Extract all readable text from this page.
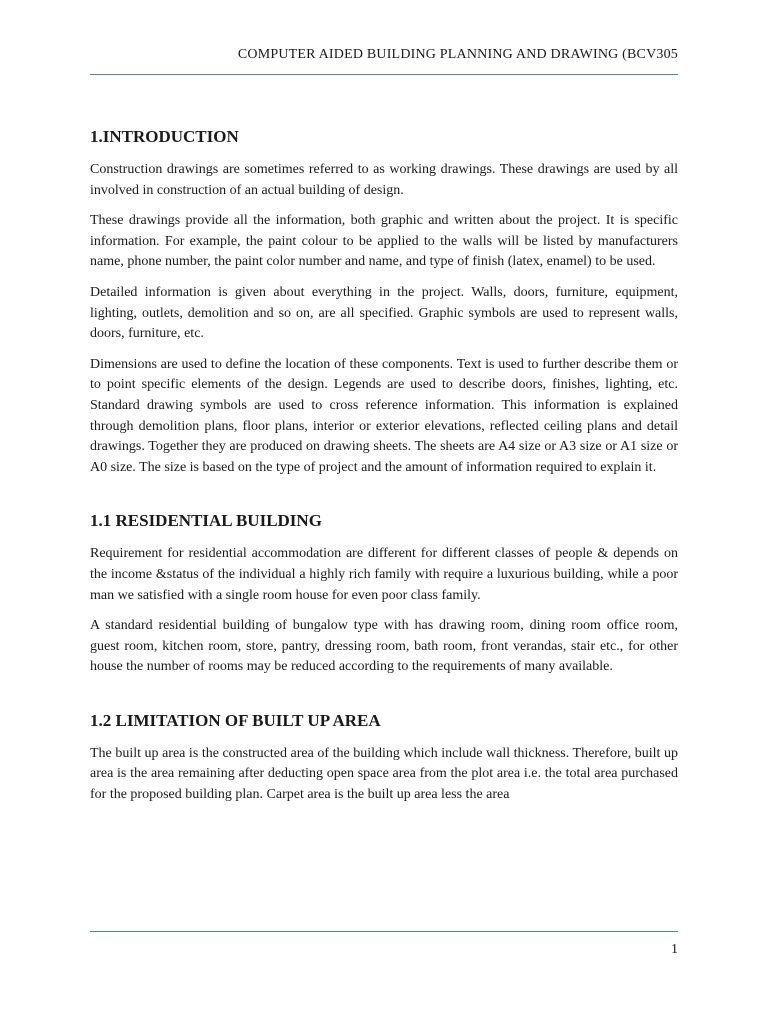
COMPUTER AIDED BUILDING PLANNING AND DRAWING (BCV305
1.INTRODUCTION

Construction drawings are sometimes referred to as working drawings. These drawings are used by all involved in construction of an actual building of design.

These drawings provide all the information, both graphic and written about the project. It is specific information. For example, the paint colour to be applied to the walls will be listed by manufacturers name, phone number, the paint color number and name, and type of finish (latex, enamel) to be used.

Detailed information is given about everything in the project. Walls, doors, furniture, equipment, lighting, outlets, demolition and so on, are all specified. Graphic symbols are used to represent walls, doors, furniture, etc.

Dimensions are used to define the location of these components. Text is used to further describe them or to point specific elements of the design. Legends are used to describe doors, finishes, lighting, etc. Standard drawing symbols are used to cross reference information. This information is explained through demolition plans, floor plans, interior or exterior elevations, reflected ceiling plans and detail drawings. Together they are produced on drawing sheets. The sheets are A4 size or A3 size or A1 size or A0 size. The size is based on the type of project and the amount of information required to explain it.

1.1 RESIDENTIAL BUILDING

Requirement for residential accommodation are different for different classes of people & depends on the income &status of the individual a highly rich family with require a luxurious building, while a poor man we satisfied with a single room house for even poor class family.

A standard residential building of bungalow type with has drawing room, dining room office room, guest room, kitchen room, store, pantry, dressing room, bath room, front verandas, stair etc., for other house the number of rooms may be reduced according to the requirements of many available.

1.2 LIMITATION OF BUILT UP AREA

The built up area is the constructed area of the building which include wall thickness. Therefore, built up area is the area remaining after deducting open space area from the plot area i.e. the total area purchased for the proposed building plan. Carpet area is the built up area less the area

1
